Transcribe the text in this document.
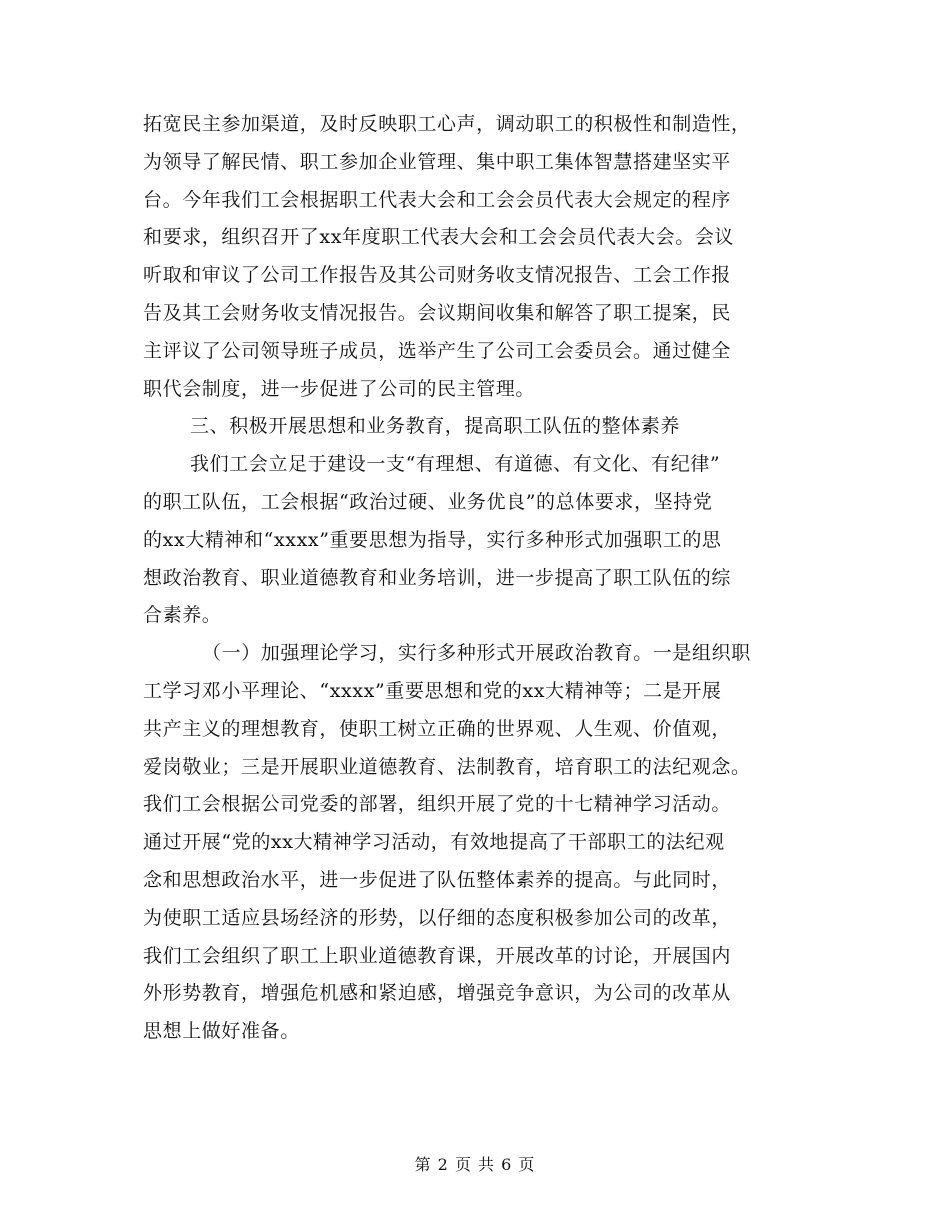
拓宽民主参加渠道，及时反映职工心声，调动职工的积极性和制造性，
为领导了解民情、职工参加企业管理、集中职工集体智慧搭建坚实平
台。今年我们工会根据职工代表大会和工会会员代表大会规定的程序
和要求，组织召开了xx年度职工代表大会和工会会员代表大会。会议
听取和审议了公司工作报告及其公司财务收支情况报告、工会工作报
告及其工会财务收支情况报告。会议期间收集和解答了职工提案，民
主评议了公司领导班子成员，选举产生了公司工会委员会。通过健全
职代会制度，进一步促进了公司的民主管理。
三、积极开展思想和业务教育，提高职工队伍的整体素养
我们工会立足于建设一支“有理想、有道德、有文化、有纪律”
的职工队伍，工会根据“政治过硬、业务优良”的总体要求，坚持党
的xx大精神和“xxxx”重要思想为指导，实行多种形式加强职工的思
想政治教育、职业道德教育和业务培训，进一步提高了职工队伍的综
合素养。
（一）加强理论学习，实行多种形式开展政治教育。一是组织职
工学习邓小平理论、“xxxx”重要思想和党的xx大精神等；二是开展
共产主义的理想教育，使职工树立正确的世界观、人生观、价值观，
爱岗敬业；三是开展职业道德教育、法制教育，培育职工的法纪观念。
我们工会根据公司党委的部署，组织开展了党的十七精神学习活动。
通过开展“党的xx大精神学习活动，有效地提高了干部职工的法纪观
念和思想政治水平，进一步促进了队伍整体素养的提高。与此同时，
为使职工适应县场经济的形势，以仔细的态度积极参加公司的改革，
我们工会组织了职工上职业道德教育课，开展改革的讨论，开展国内
外形势教育，增强危机感和紧迫感，增强竞争意识，为公司的改革从
思想上做好准备。
第 2 页 共 6 页
